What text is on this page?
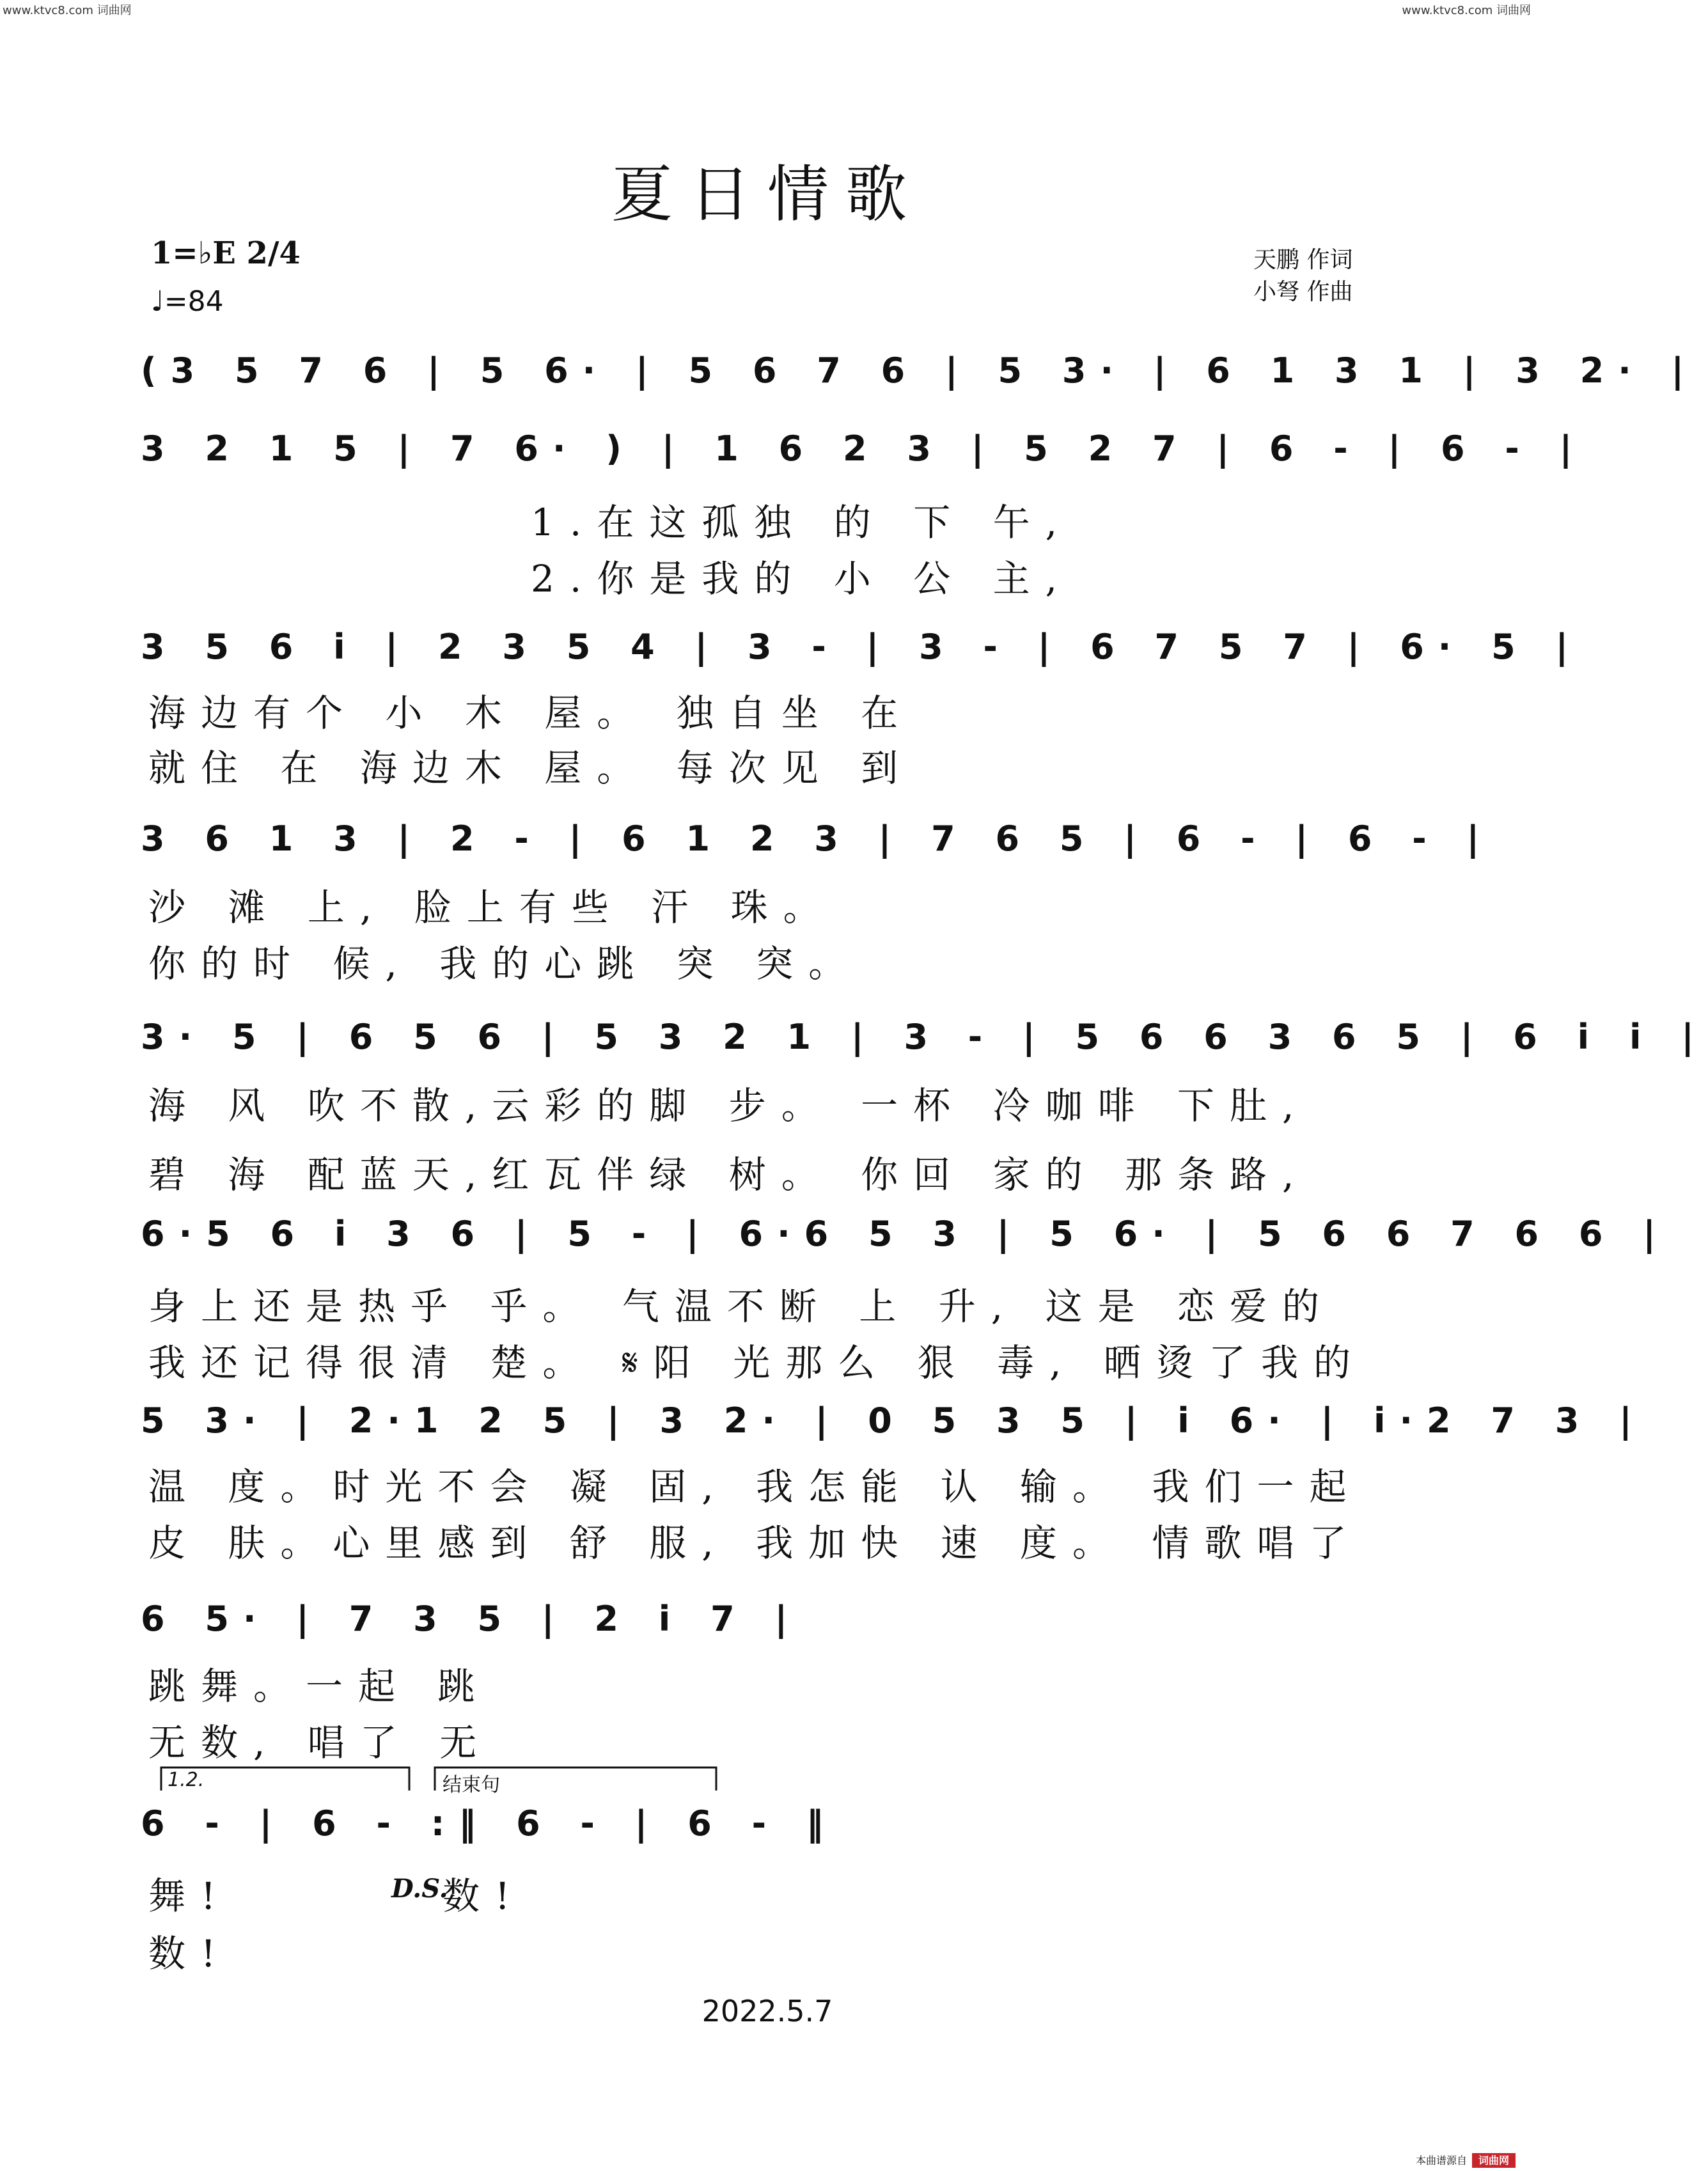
www.ktvc8.com 词曲网	www.ktvc8.com 词曲网
夏日情歌
1=♭E 2/4
♩=84
天鹏 作词
小弩 作曲
(3 5 7 6 | 5 6· | 5 6 7 6 | 5 3· | 6 1 3 1 | 3 2· |
3 2 1 5 | 7 6· ) | 1 6 2 3 | 5 2 7 | 6 - | 6 - |
1.在这孤独 的 下 午,
2.你是我的 小 公 主,
3 5 6 i | 2 3 5 4 | 3 - | 3 - | 6 7 5 7 | 6· 5 |
海边有个 小 木 屋。 独自坐 在
就住 在 海边木 屋。 每次见 到
3 6 1 3 | 2 - | 6 1 2 3 | 7 6 5 | 6 - | 6 - |
沙 滩 上, 脸上有些 汗 珠。
你的时 候, 我的心跳 突 突。
3· 5 | 6 5 6 | 5 3 2 1 | 3 - | 5 6 6 3 6 5 | 6 i i |
海 风 吹不散,云彩的脚 步。 一杯 冷咖啡 下肚,
碧 海 配蓝天,红瓦伴绿 树。 你回 家的 那条路,
6·5 6 i 3 6 | 5 - | 6·6 5 3 | 5 6· | 5 6 6 7 6 6 |
身上还是热乎 乎。 气温不断 上 升, 这是 恋爱的
我还记得很清 楚。 𝄋阳 光那么 狠 毒, 晒烫了我的
5 3· | 2·1 2 5 | 3 2· | 0 5 3 5 | i 6· | i·2 7 3 |
温 度。时光不会 凝 固, 我怎能 认 输。 我们一起
皮 肤。心里感到 舒 服, 我加快 速 度。 情歌唱了
6 5· | 7 3 5 | 2 i 7 |
跳舞。一起 跳
无数, 唱了 无
1.2.	结束句
6 - | 6 - :‖ 6 - | 6 - ‖
舞!	D.S.
数!
数!
2022.5.7
本曲谱源自 词曲网
